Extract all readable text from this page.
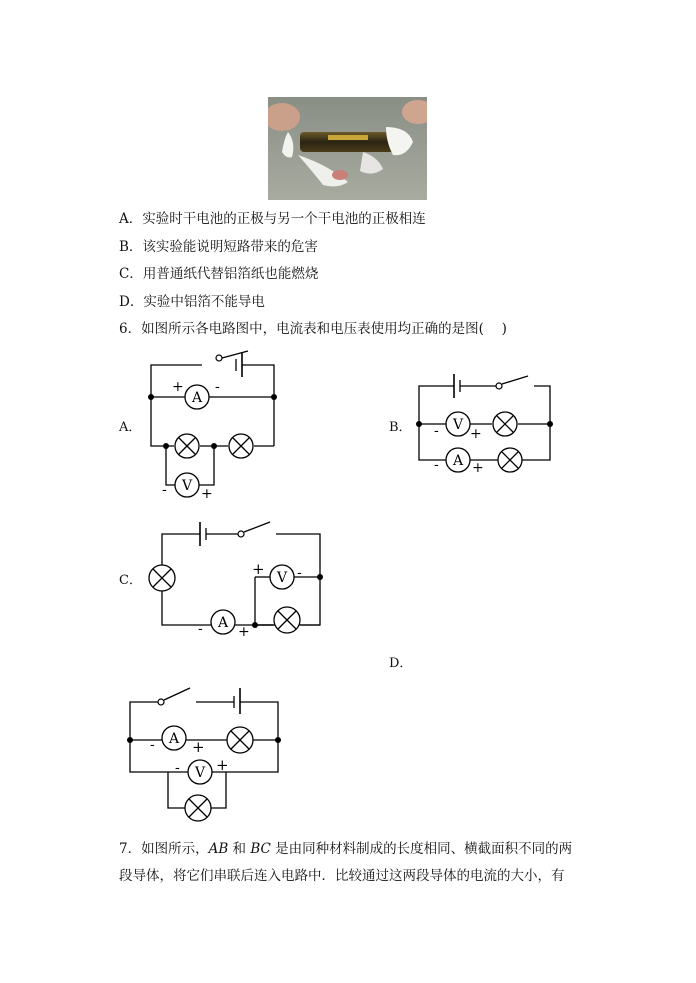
A．实验时干电池的正极与另一个干电池的正极相连
B．该实验能说明短路带来的危害
C．用普通纸代替铝箔纸也能燃烧
D．实验中铝箔不能导电
6．如图所示各电路图中，电流表和电压表使用均正确的是图(　 )
A．
A
+ -
V
- +
B．	V
- +
A
- +
C．	V
+ -
A
-	+
D．
A
- +
V
- +
7．如图所示，AB 和 BC 是由同种材料制成的长度相同、横截面积不同的两段导体，将它们串联后连入电路中．比较通过这两段导体的电流的大小，有
